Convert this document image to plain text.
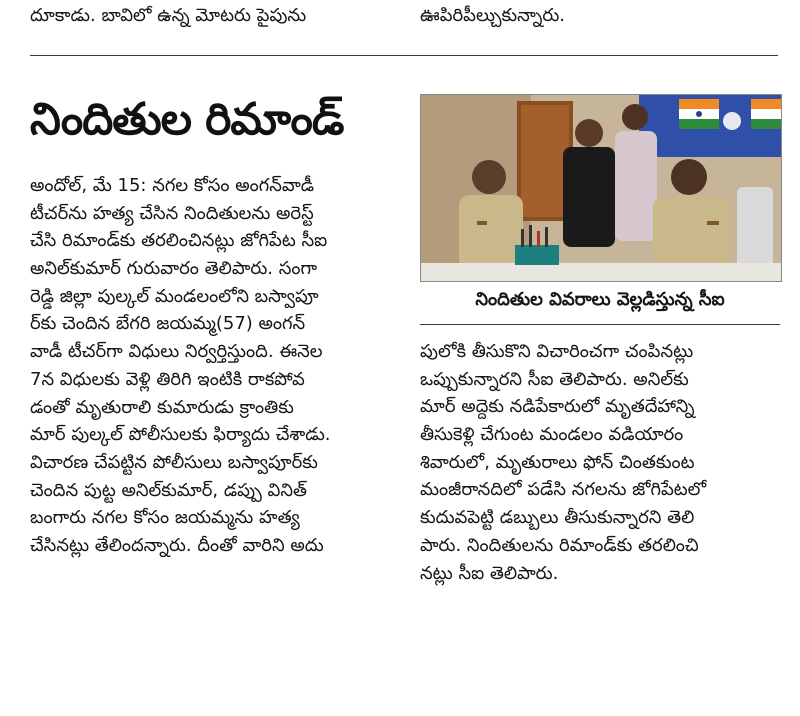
దూకాడు. బావిలో ఉన్న మోటరు పైపును	ఊపిరిపీల్చుకున్నారు.
నిందితుల రిమాండ్
అందోల్, మే 15: నగల కోసం అంగన్‌వాడీ
టీచర్‌ను హత్య చేసిన నిందితులను అరెస్ట్
చేసి రిమాండ్‌కు తరలించినట్లు జోగిపేట సీఐ
అనిల్‌కుమార్ గురువారం తెలిపారు. సంగా
రెడ్డి జిల్లా పుల్కల్ మండలంలోని బస్వాపూ
ర్‌కు చెందిన బేగరి జయమ్మ(57) అంగన్
వాడీ టీచర్‌గా విధులు నిర్వర్తిస్తుంది. ఈనెల
7న విధులకు వెళ్లి తిరిగి ఇంటికి రాకపోవ
డంతో మృతురాలి కుమారుడు క్రాంతికు
మార్ పుల్కల్ పోలీసులకు ఫిర్యాదు చేశాడు.
విచారణ చేపట్టిన పోలీసులు బస్వాపూర్‌కు
చెందిన పుట్ట అనిల్‌కుమార్, డప్పు వినిత్
బంగారు నగల కోసం జయమ్మను హత్య
చేసినట్లు తేలిందన్నారు. దీంతో వారిని అదు
నిందితుల వివరాలు వెల్లడిస్తున్న సీఐ
పులోకి తీసుకొని విచారించగా చంపినట్లు
ఒప్పుకున్నారని సీఐ తెలిపారు. అనిల్‌కు
మార్ అద్దెకు నడిపేకారులో మృతదేహాన్ని
తీసుకెళ్లి చేగుంట మండలం వడియారం
శివారులో, మృతురాలు ఫోన్ చింతకుంట
మంజీరానదిలో పడేసి నగలను జోగిపేటలో
కుదువపెట్టి డబ్బులు తీసుకున్నారని తెలి
పారు. నిందితులను రిమాండ్‌కు తరలించి
నట్లు సీఐ తెలిపారు.
